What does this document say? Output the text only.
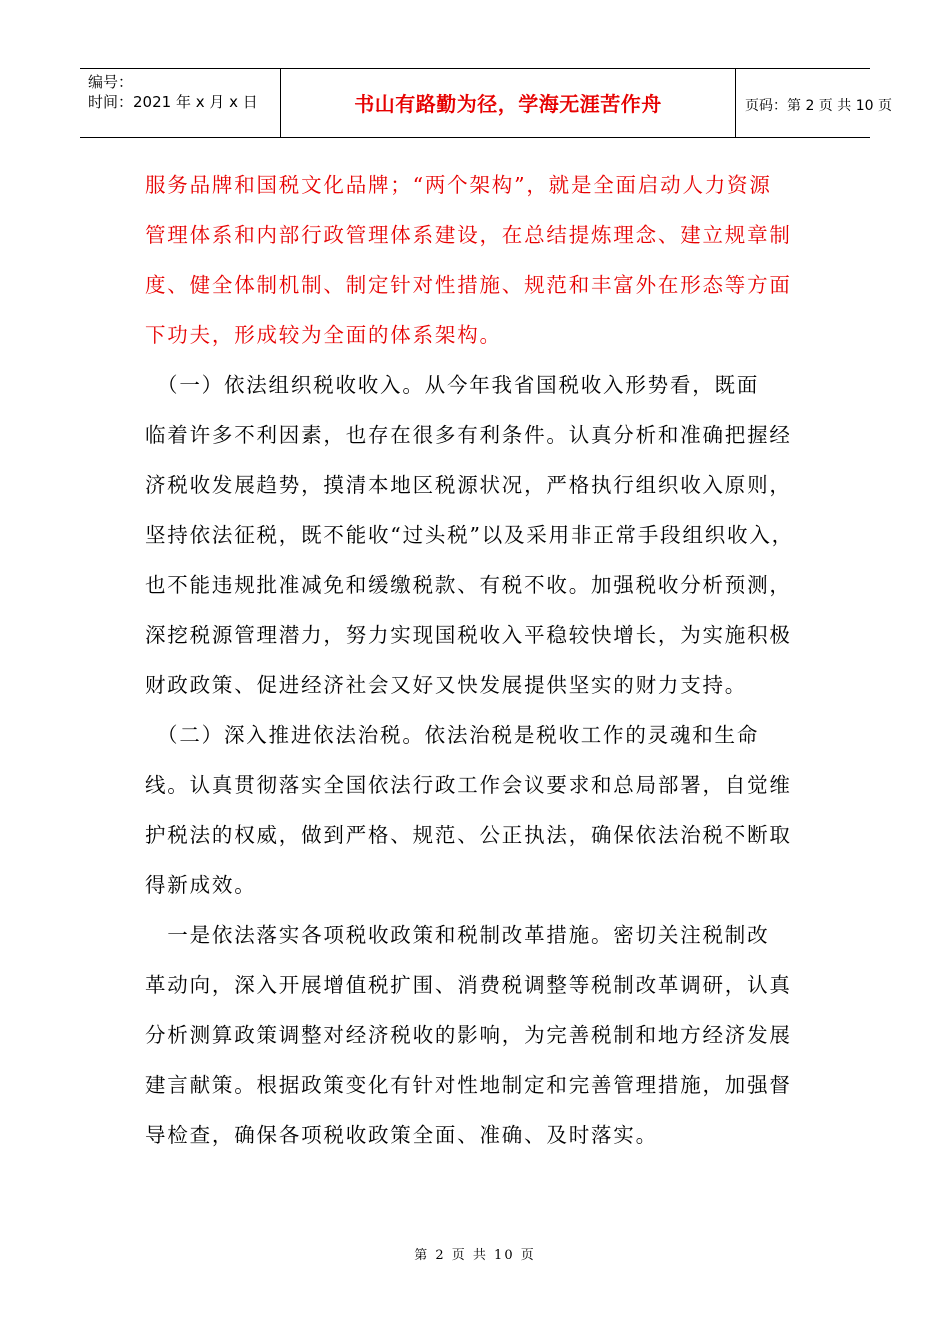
编号：
时间：2021 年 x 月 x 日	书山有路勤为径，学海无涯苦作舟	页码：第 2 页 共 10 页
服务品牌和国税文化品牌；“两个架构”，就是全面启动人力资源
管理体系和内部行政管理体系建设，在总结提炼理念、建立规章制
度、健全体制机制、制定针对性措施、规范和丰富外在形态等方面
下功夫，形成较为全面的体系架构。
　（一）依法组织税收收入。从今年我省国税收入形势看，既面
临着许多不利因素，也存在很多有利条件。认真分析和准确把握经
济税收发展趋势，摸清本地区税源状况，严格执行组织收入原则，
坚持依法征税，既不能收“过头税”以及采用非正常手段组织收入，
也不能违规批准减免和缓缴税款、有税不收。加强税收分析预测，
深挖税源管理潜力，努力实现国税收入平稳较快增长，为实施积极
财政政策、促进经济社会又好又快发展提供坚实的财力支持。
　（二）深入推进依法治税。依法治税是税收工作的灵魂和生命
线。认真贯彻落实全国依法行政工作会议要求和总局部署，自觉维
护税法的权威，做到严格、规范、公正执法，确保依法治税不断取
得新成效。
　一是依法落实各项税收政策和税制改革措施。密切关注税制改
革动向，深入开展增值税扩围、消费税调整等税制改革调研，认真
分析测算政策调整对经济税收的影响，为完善税制和地方经济发展
建言献策。根据政策变化有针对性地制定和完善管理措施，加强督
导检查，确保各项税收政策全面、准确、及时落实。
第 2 页 共 10 页
